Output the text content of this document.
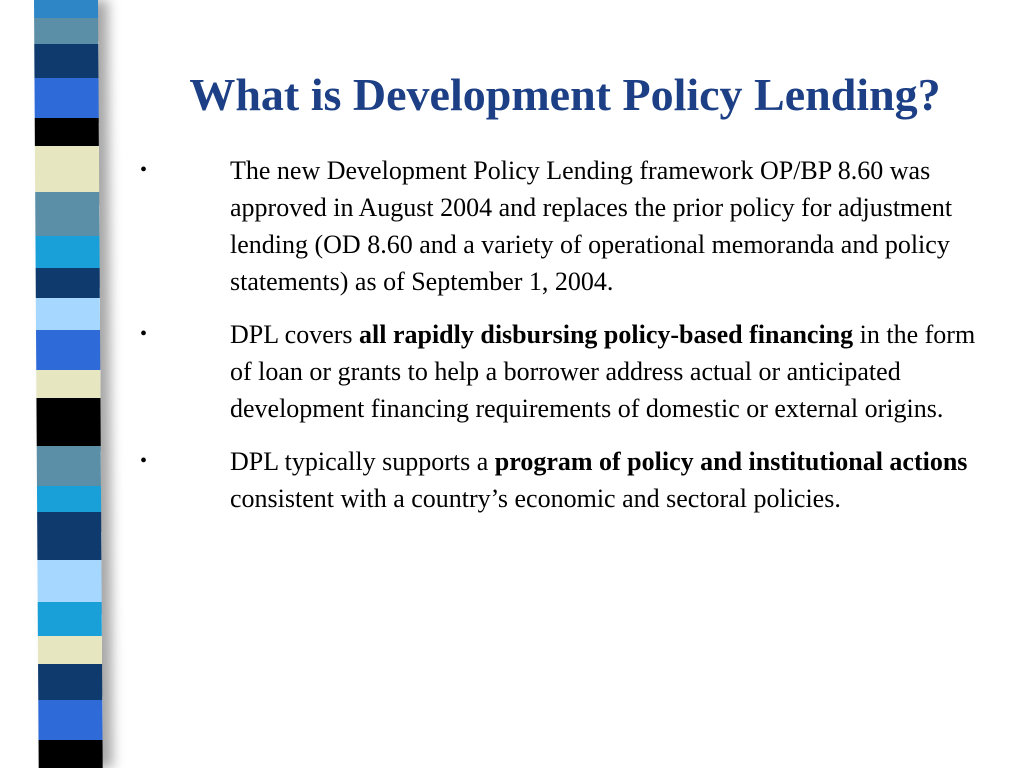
What is Development Policy Lending?
•	The new Development Policy Lending framework OP/BP 8.60 was approved in August 2004 and replaces the prior policy for adjustment lending (OD 8.60 and a variety of operational memoranda and policy statements) as of September 1, 2004.
•	DPL covers all rapidly disbursing policy-based financing in the form of loan or grants to help a borrower address actual or anticipated development financing requirements of domestic or external origins.
•	DPL typically supports a program of policy and institutional actions consistent with a country’s economic and sectoral policies.
